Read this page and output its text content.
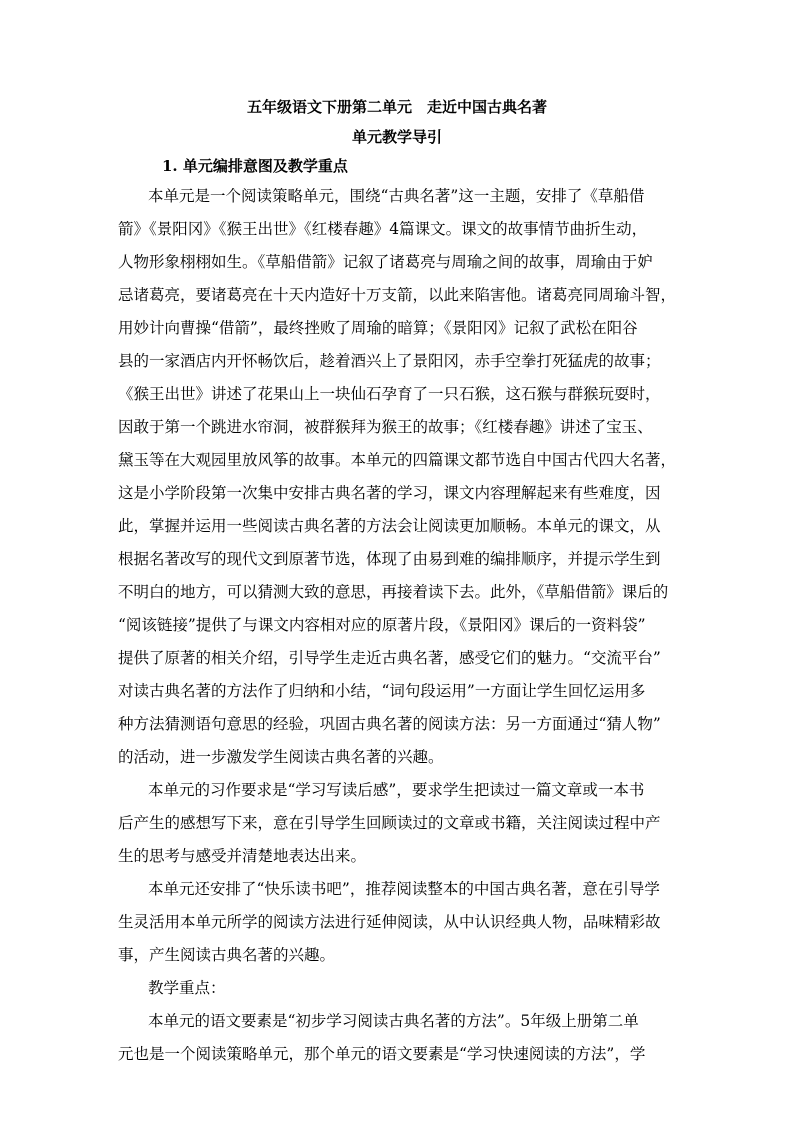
五年级语文下册第二单元　走近中国古典名著
单元教学导引
1. 单元编排意图及教学重点
本单元是一个阅读策略单元，围绕“古典名著”这一主题，安排了《草船借
箭》《景阳冈》《猴王出世》《红楼春趣》4篇课文。课文的故事情节曲折生动，
人物形象栩栩如生。《草船借箭》记叙了诸葛亮与周瑜之间的故事，周瑜由于妒
忌诸葛亮，要诸葛亮在十天内造好十万支箭，以此来陷害他。诸葛亮同周瑜斗智，
用妙计向曹操“借箭”，最终挫败了周瑜的暗算；《景阳冈》记叙了武松在阳谷
县的一家酒店内开怀畅饮后，趁着酒兴上了景阳冈，赤手空拳打死猛虎的故事；
《猴王出世》讲述了花果山上一块仙石孕育了一只石猴，这石猴与群猴玩耍时，
因敢于第一个跳进水帘洞，被群猴拜为猴王的故事；《红楼春趣》讲述了宝玉、
黛玉等在大观园里放风筝的故事。本单元的四篇课文都节选自中国古代四大名著，
这是小学阶段第一次集中安排古典名著的学习，课文内容理解起来有些难度，因
此，掌握并运用一些阅读古典名著的方法会让阅读更加顺畅。本单元的课文，从
根据名著改写的现代文到原著节选，体现了由易到难的编排顺序，并提示学生到
不明白的地方，可以猜测大致的意思，再接着读下去。此外，《草船借箭》课后的
“阅该链接”提供了与课文内容相对应的原著片段，《景阳冈》课后的一资料袋”
提供了原著的相关介绍，引导学生走近古典名著，感受它们的魅力。“交流平台”
对读古典名著的方法作了归纳和小结，“词句段运用”一方面让学生回忆运用多
种方法猜测语句意思的经验，巩固古典名著的阅读方法：另一方面通过“猜人物”
的活动，进一步激发学生阅读古典名著的兴趣。
本单元的习作要求是“学习写读后感”，要求学生把读过一篇文章或一本书
后产生的感想写下来，意在引导学生回顾读过的文章或书籍，关注阅读过程中产
生的思考与感受并清楚地表达出来。
本单元还安排了“快乐读书吧”，推荐阅读整本的中国古典名著，意在引导学
生灵活用本单元所学的阅读方法进行延伸阅读，从中认识经典人物，品味精彩故
事，产生阅读古典名著的兴趣。
教学重点：
本单元的语文要素是“初步学习阅读古典名著的方法”。5年级上册第二单
元也是一个阅读策略单元，那个单元的语文要素是“学习快速阅读的方法”，学
